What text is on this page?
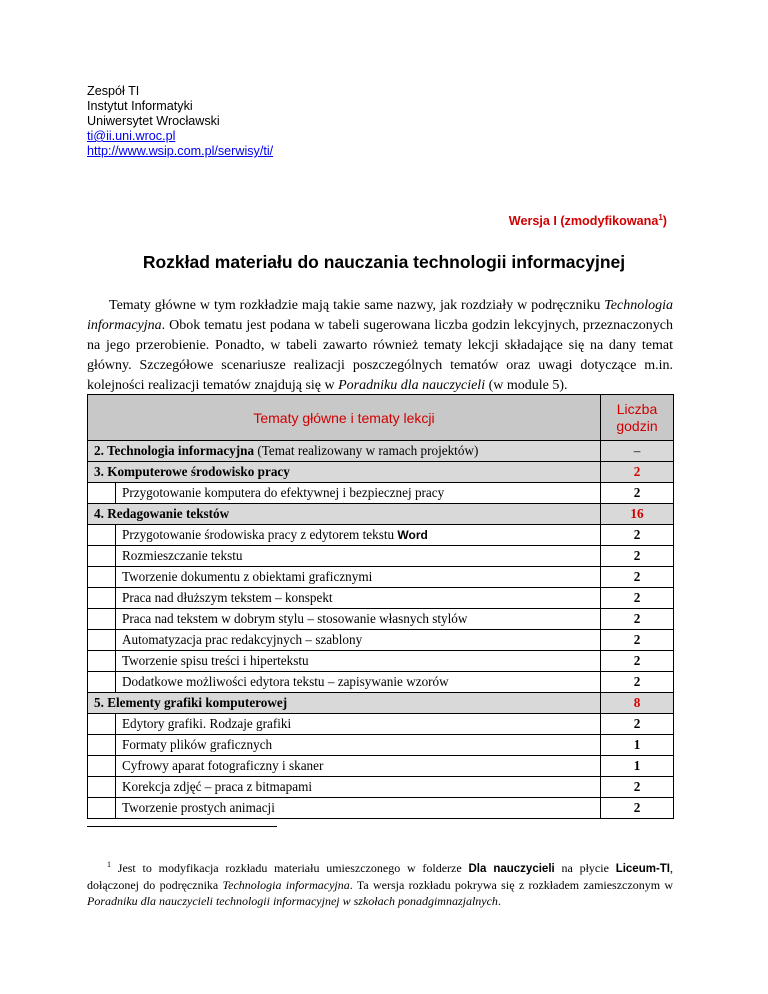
Zespół TI
Instytut Informatyki
Uniwersytet Wrocławski
ti@ii.uni.wroc.pl
http://www.wsip.com.pl/serwisy/ti/
Wersja I (zmodyfikowana$^1$)
Rozkład materiału do nauczania technologii informacyjnej

Tematy główne w tym rozkładzie mają takie same nazwy, jak rozdziały w podręczniku Technologia informacyjna. Obok tematu jest podana w tabeli sugerowana liczba godzin lekcyjnych, przeznaczonych na jego przerobienie. Ponadto, w tabeli zawarto również tematy lekcji składające się na dany temat główny. Szczegółowe scenariusze realizacji poszczególnych tematów oraz uwagi dotyczące m.in. kolejności realizacji tematów znajdują się w Poradniku dla nauczycieli (w module 5).

Tematy główne i tematy lekcji		Liczba
godzin
2. Technologia informacyjna (Temat realizowany w ramach projektów)		–
3. Komputerowe środowisko pracy		2
	Przygotowanie komputera do efektywnej i bezpiecznej pracy	2
4. Redagowanie tekstów		16
	Przygotowanie środowiska pracy z edytorem tekstu Word	2
	Rozmieszczanie tekstu	2
	Tworzenie dokumentu z obiektami graficznymi	2
	Praca nad dłuższym tekstem – konspekt	2
	Praca nad tekstem w dobrym stylu – stosowanie własnych stylów	2
	Automatyzacja prac redakcyjnych – szablony	2
	Tworzenie spisu treści i hipertekstu	2
	Dodatkowe możliwości edytora tekstu – zapisywanie wzorów	2
5. Elementy grafiki komputerowej		8
	Edytory grafiki. Rodzaje grafiki	2
	Formaty plików graficznych	1
	Cyfrowy aparat fotograficzny i skaner	1
	Korekcja zdjęć – praca z bitmapami	2
	Tworzenie prostych animacji	2

$^1$ Jest to modyfikacja rozkładu materiału umieszczonego w folderze Dla nauczycieli na płycie Liceum-TI, dołączonej do podręcznika Technologia informacyjna. Ta wersja rozkładu pokrywa się z rozkładem zamieszczonym w Poradniku dla nauczycieli technologii informacyjnej w szkołach ponadgimnazjalnych.
